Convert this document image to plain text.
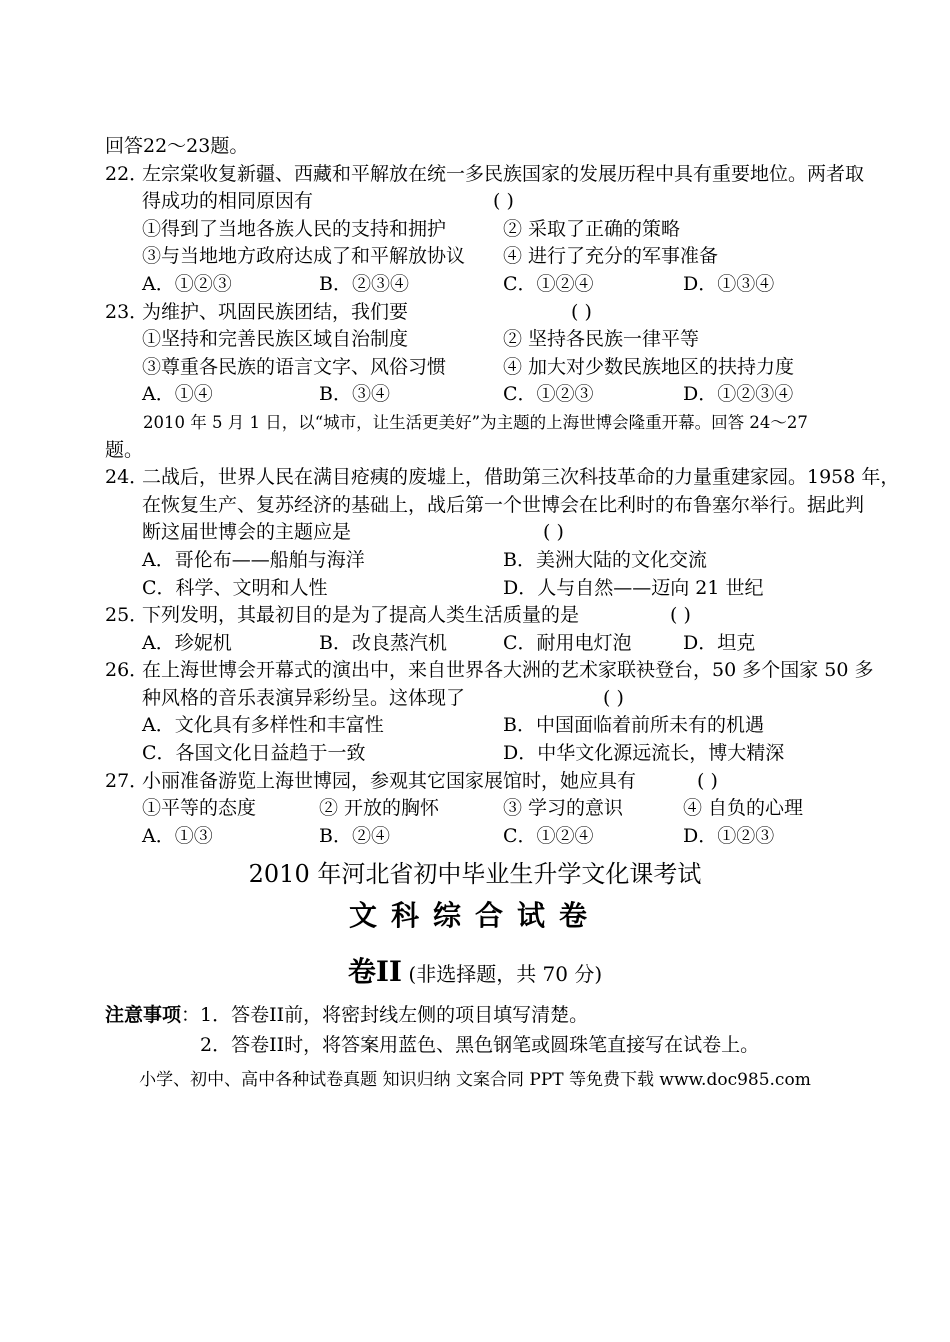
回答22～23题。
22．
左宗棠收复新疆、西藏和平解放在统一多民族国家的发展历程中具有重要地位。两者取
得成功的相同原因有	( )
①得到了当地各族人民的支持和拥护	② 采取了正确的策略
③与当地地方政府达成了和平解放协议 ④ 进行了充分的军事准备
A．①②③	B．②③④	C．①②④	D．①③④
23．
为维护、巩固民族团结，我们要	( )
①坚持和完善民族区域自治制度	② 坚持各民族一律平等
③尊重各民族的语言文字、风俗习惯	④ 加大对少数民族地区的扶持力度
A．①④	B．③④	C．①②③	D．①②③④
2010 年 5 月 1 日，以“城市，让生活更美好”为主题的上海世博会隆重开幕。回答 24～27
题。
24．
二战后，世界人民在满目疮痍的废墟上，借助第三次科技革命的力量重建家园。1958 年，
在恢复生产、复苏经济的基础上，战后第一个世博会在比利时的布鲁塞尔举行。据此判
断这届世博会的主题应是	( )
A．哥伦布——船舶与海洋	B．美洲大陆的文化交流
C．科学、文明和人性	D．人与自然——迈向 21 世纪
25．
下列发明，其最初目的是为了提高人类生活质量的是	( )
A．珍妮机	B．改良蒸汽机	C．耐用电灯泡	D．坦克
26．
在上海世博会开幕式的演出中，来自世界各大洲的艺术家联袂登台，50 多个国家 50 多
种风格的音乐表演异彩纷呈。这体现了	( )
A．文化具有多样性和丰富性	B．中国面临着前所未有的机遇
C．各国文化日益趋于一致	D．中华文化源远流长，博大精深
27．
小丽准备游览上海世博园，参观其它国家展馆时，她应具有	( )
①平等的态度	② 开放的胸怀	③ 学习的意识	④ 自负的心理
A．①③	B．②④	C．①②④	D．①②③
2010 年河北省初中毕业生升学文化课考试
文科综合试卷
卷II (非选择题，共 70 分)
注意事项：1．答卷II前，将密封线左侧的项目填写清楚。
2．答卷II时，将答案用蓝色、黑色钢笔或圆珠笔直接写在试卷上。
小学、初中、高中各种试卷真题 知识归纳 文案合同 PPT 等免费下载 www.doc985.com
